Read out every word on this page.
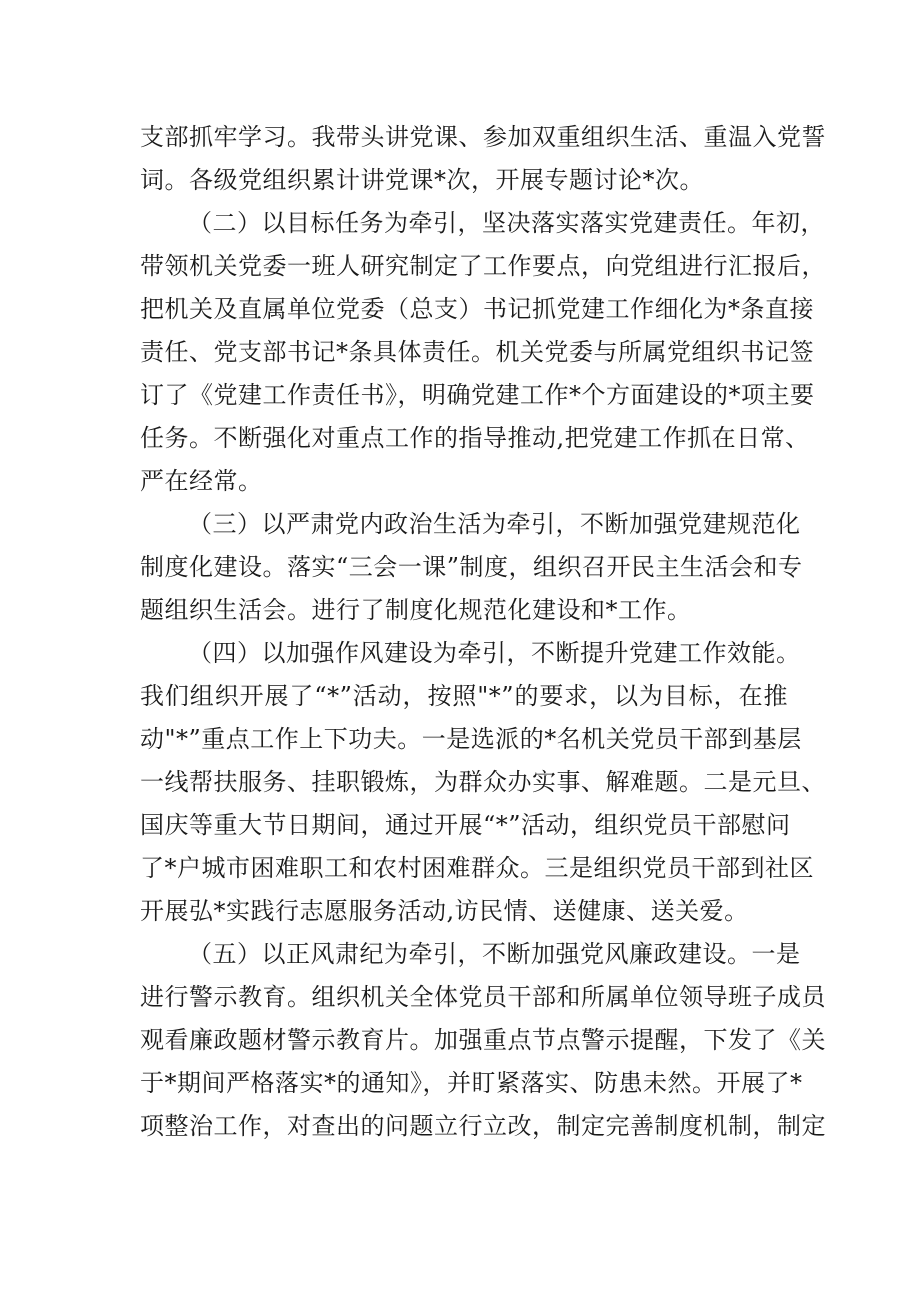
支部抓牢学习。我带头讲党课、参加双重组织生活、重温入党誓
词。各级党组织累计讲党课*次，开展专题讨论*次。
（二）以目标任务为牵引，坚决落实落实党建责任。年初，
带领机关党委一班人研究制定了工作要点，向党组进行汇报后，
把机关及直属单位党委（总支）书记抓党建工作细化为*条直接
责任、党支部书记*条具体责任。机关党委与所属党组织书记签
订了《党建工作责任书》，明确党建工作*个方面建设的*项主要
任务。不断强化对重点工作的指导推动,把党建工作抓在日常、
严在经常。
（三）以严肃党内政治生活为牵引，不断加强党建规范化
制度化建设。落实“三会一课”制度，组织召开民主生活会和专
题组织生活会。进行了制度化规范化建设和*工作。
（四）以加强作风建设为牵引，不断提升党建工作效能。
我们组织开展了“*”活动，按照"*”的要求，以为目标，在推
动"*”重点工作上下功夫。一是选派的*名机关党员干部到基层
一线帮扶服务、挂职锻炼，为群众办实事、解难题。二是元旦、
国庆等重大节日期间，通过开展“*”活动，组织党员干部慰问
了*户城市困难职工和农村困难群众。三是组织党员干部到社区
开展弘*实践行志愿服务活动,访民情、送健康、送关爱。
（五）以正风肃纪为牵引，不断加强党风廉政建设。一是
进行警示教育。组织机关全体党员干部和所属单位领导班子成员
观看廉政题材警示教育片。加强重点节点警示提醒，下发了《关
于*期间严格落实*的通知》，并盯紧落实、防患未然。开展了*
项整治工作，对查出的问题立行立改，制定完善制度机制，制定
